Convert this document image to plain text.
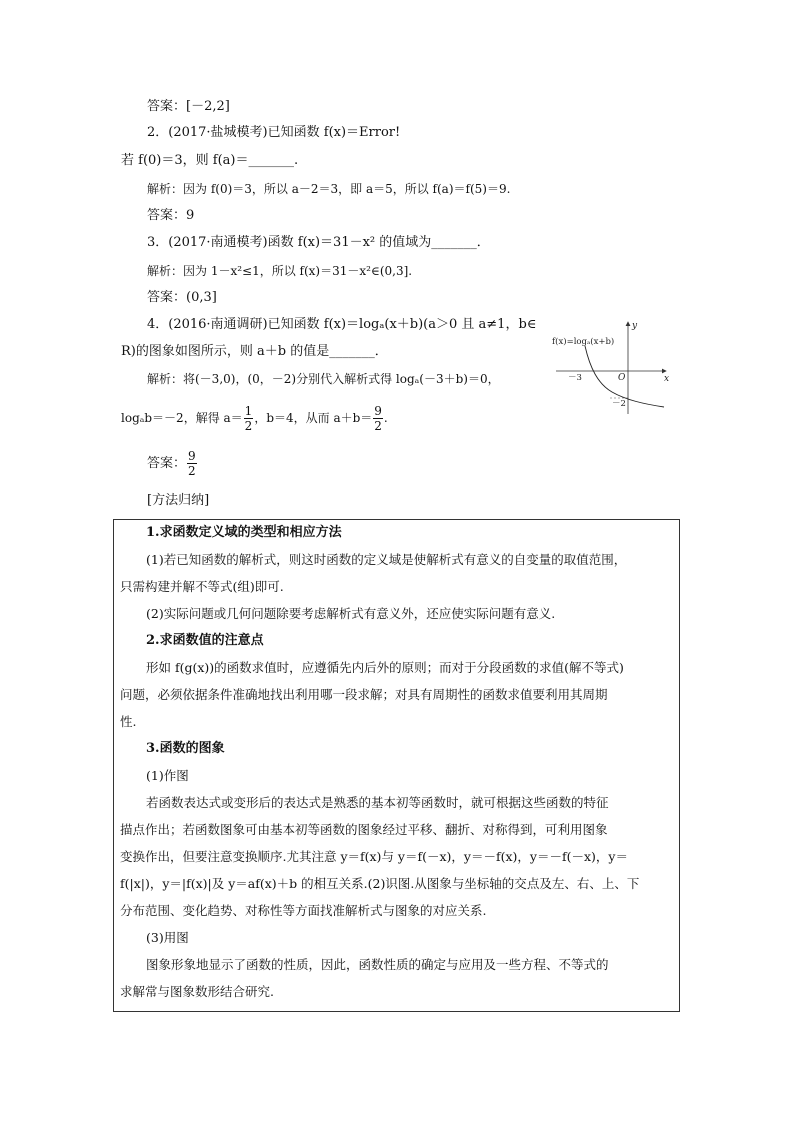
答案：[－2,2]
2．(2017·盐城模考)已知函数 f(x)＝Error!
若 f(0)＝3，则 f(a)＝_______.
解析：因为 f(0)＝3，所以 a－2＝3，即 a＝5，所以 f(a)＝f(5)＝9.
答案：9
3．(2017·南通模考)函数 f(x)＝31－x² 的值域为_______．
解析：因为 1－x²≤1，所以 f(x)＝31－x²∈(0,3].
答案：(0,3]
4．(2016·南通调研)已知函数 f(x)＝logₐ(x＋b)(a＞0 且 a≠1，b∈
R)的图象如图所示，则 a＋b 的值是_______．
解析：将(－3,0)，(0，－2)分别代入解析式得 logₐ(－3＋b)＝0，
logₐb＝－2，解得 $a= \frac{1}{2}$ ，b＝4，从而 $a+b= \frac{9}{2}$ .
答案： $\frac{9}{2}$
[方法归纳]
f(x)=logₐ(x+b)
y
x
O
－3
－2
1.求函数定义域的类型和相应方法
(1)若已知函数的解析式，则这时函数的定义域是使解析式有意义的自变量的取值范围，
只需构建并解不等式(组)即可.
(2)实际问题或几何问题除要考虑解析式有意义外，还应使实际问题有意义.
2.求函数值的注意点
形如 f(g(x))的函数求值时，应遵循先内后外的原则；而对于分段函数的求值(解不等式)
问题，必须依据条件准确地找出利用哪一段求解；对具有周期性的函数求值要利用其周期
性.
3.函数的图象
(1)作图
若函数表达式或变形后的表达式是熟悉的基本初等函数时，就可根据这些函数的特征
描点作出；若函数图象可由基本初等函数的图象经过平移、翻折、对称得到，可利用图象
变换作出，但要注意变换顺序.尤其注意 y＝f(x)与 y＝f(－x)，y＝－f(x)，y＝－f(－x)，y＝
f(|x|)，y＝|f(x)|及 y＝af(x)＋b 的相互关系.(2)识图.从图象与坐标轴的交点及左、右、上、下
分布范围、变化趋势、对称性等方面找准解析式与图象的对应关系.
(3)用图
图象形象地显示了函数的性质，因此，函数性质的确定与应用及一些方程、不等式的
求解常与图象数形结合研究.
